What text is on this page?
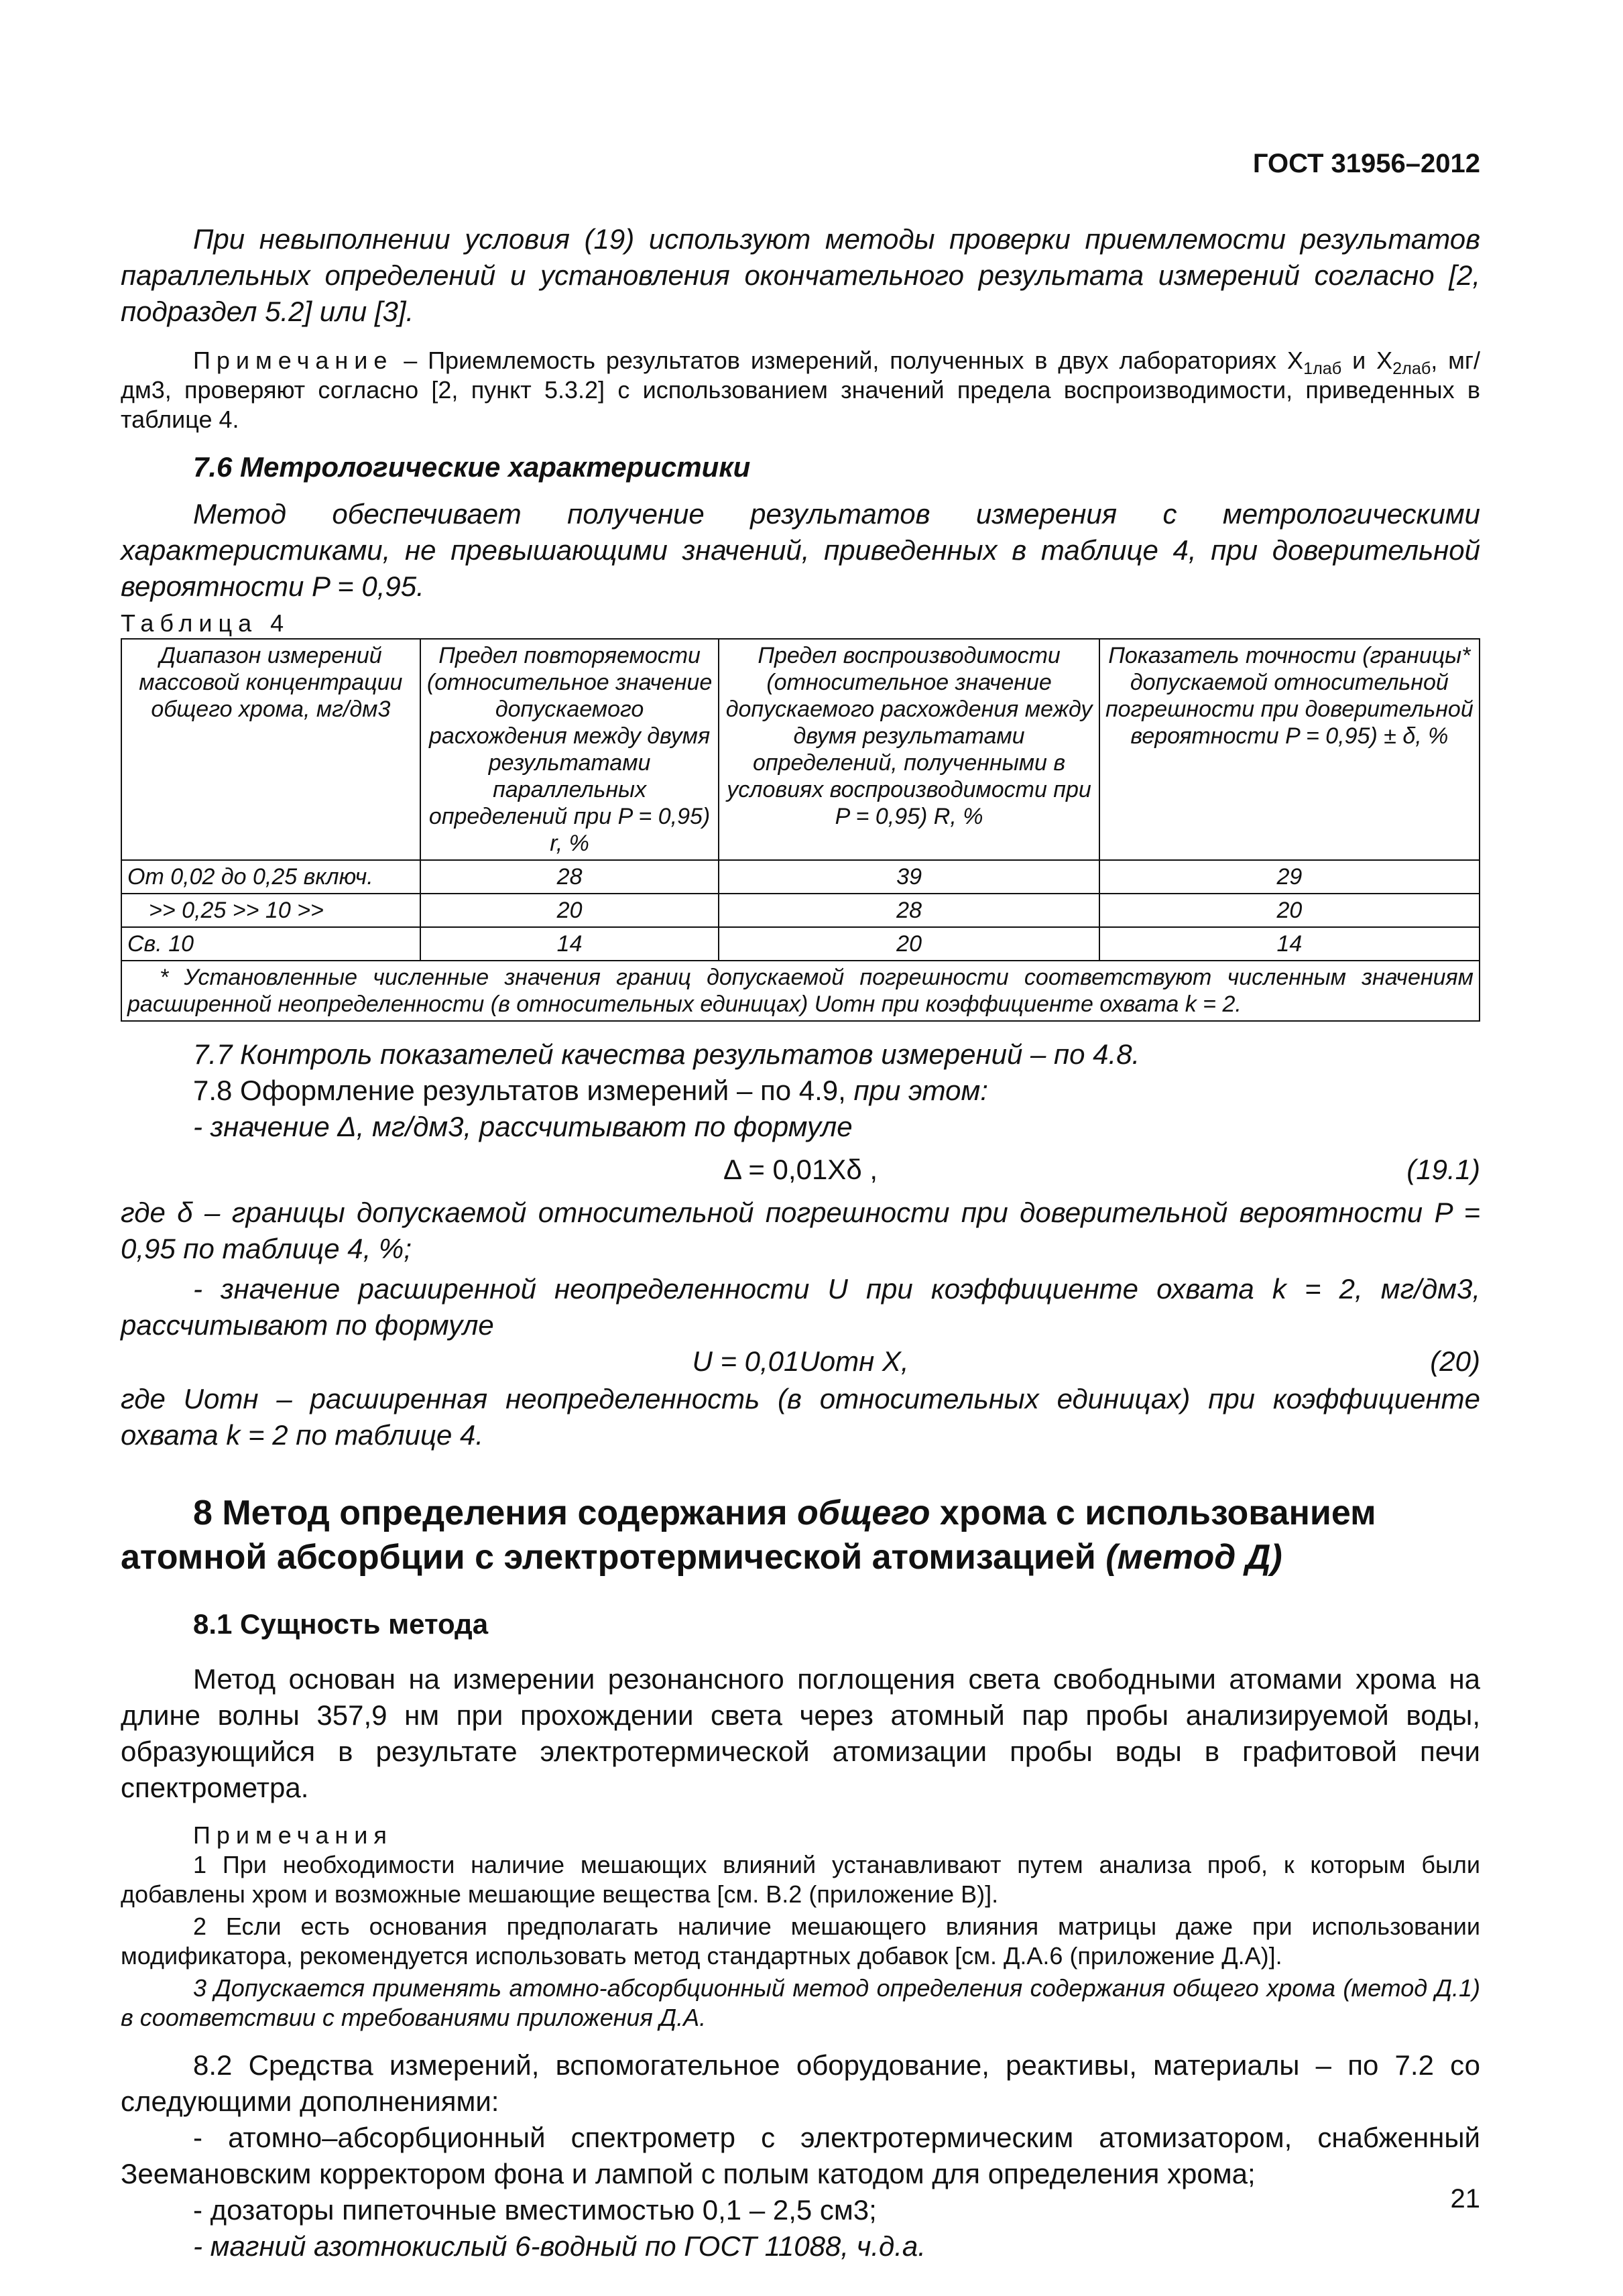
ГОСТ 31956–2012

При невыполнении условия (19) используют методы проверки приемлемости результатов параллельных определений и установления окончательного результата измерений согласно [2, подраздел 5.2] или [3].

Примечание – Приемлемость результатов измерений, полученных в двух лабораториях $X_{1лаб}$ и $X_{2лаб}$, мг/дм3, проверяют согласно [2, пункт 5.3.2] с использованием значений предела воспроизводимости, приведенных в таблице 4.

7.6 Метрологические характеристики

Метод обеспечивает получение результатов измерения с метрологическими характеристиками, не превышающими значений, приведенных в таблице 4, при доверительной вероятности P = 0,95.

Таблица 4

Диапазон измерений массовой концентрации общего хрома, мг/дм3	Предел повторяемости (относительное значение допускаемого расхождения между двумя результатами параллельных определений при P = 0,95) r, %	Предел воспроизводимости (относительное значение допускаемого расхождения между двумя результатами определений, полученными в условиях воспроизводимости при P = 0,95) R, %	Показатель точности (границы* допускаемой относительной погрешности при доверительной вероятности P = 0,95) ± δ, %
От 0,02 до 0,25 включ.	28	39	29
>> 0,25 >> 10 >>	20	28	20
Св. 10	14	20	14
* Установленные численные значения границ допускаемой погрешности соответствуют численным значениям расширенной неопределенности (в относительных единицах) Uотн при коэффициенте охвата k = 2.			

7.7 Контроль показателей качества результатов измерений – по 4.8.

7.8 Оформление результатов измерений – по 4.9, при этом:

- значение Δ, мг/дм3, рассчитывают по формуле

Δ = 0,01Xδ ,	(19.1)

где δ – границы допускаемой относительной погрешности при доверительной вероятности P = 0,95 по таблице 4, %;

- значение расширенной неопределенности U при коэффициенте охвата k = 2, мг/дм3, рассчитывают по формуле

U = 0,01Uотн X,	(20)

где Uотн – расширенная неопределенность (в относительных единицах) при коэффициенте охвата k = 2 по таблице 4.

8 Метод определения содержания общего хрома с использованием атомной абсорбции с электротермической атомизацией (метод Д)
8.1 Сущность метода

Метод основан на измерении резонансного поглощения света свободными атомами хрома на длине волны 357,9 нм при прохождении света через атомный пар пробы анализируемой воды, образующийся в результате электротермической атомизации пробы воды в графитовой печи спектрометра.

Примечания

1 При необходимости наличие мешающих влияний устанавливают путем анализа проб, к которым были добавлены хром и возможные мешающие вещества [см. В.2 (приложение В)].

2 Если есть основания предполагать наличие мешающего влияния матрицы даже при использовании модификатора, рекомендуется использовать метод стандартных добавок [см. Д.А.6 (приложение Д.А)].

3 Допускается применять атомно-абсорбционный метод определения содержания общего хрома (метод Д.1) в соответствии с требованиями приложения Д.А.

8.2 Средства измерений, вспомогательное оборудование, реактивы, материалы – по 7.2 со следующими дополнениями:

- атомно–абсорбционный спектрометр с электротермическим атомизатором, снабженный Зеемановским корректором фона и лампой с полым катодом для определения хрома;

- дозаторы пипеточные вместимостью 0,1 – 2,5 см3;

- магний азотнокислый 6-водный по ГОСТ 11088, ч.д.а.

21
